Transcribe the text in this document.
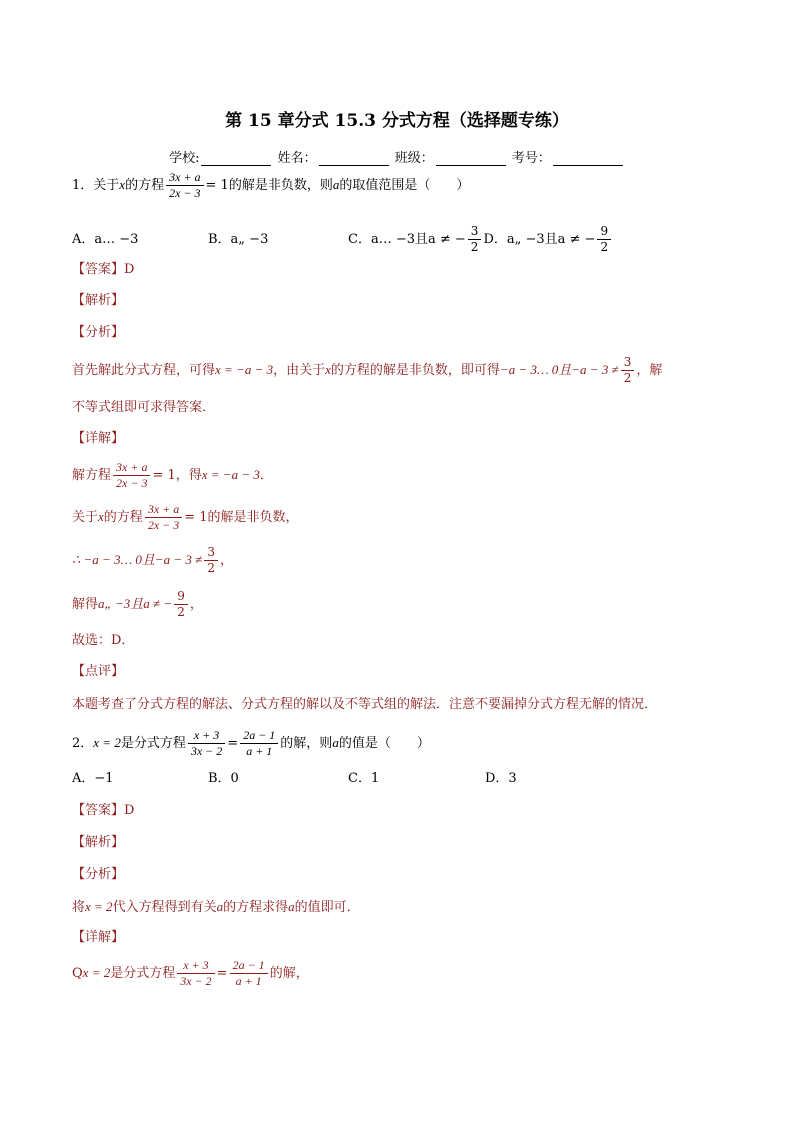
第 15 章分式 15.3 分式方程（选择题专练）
学校:	姓名：	班级：	考号：
1．关于x的方程 $\frac{3x + a}{2x - 3} = 1$的解是非负数，则a的取值范围是（　　）
A．a… −3	B．a„ −3	C．a… −3且a ≠ − $\frac{3}{2}$ D．a„ −3且a ≠ − $\frac{9}{2}$
【答案】D
【解析】
【分析】
首先解此分式方程，可得x = −a − 3，由关于x的方程的解是非负数，即可得−a − 3… 0且$-a - 3 \ne \frac{3}{2}$ ，解
不等式组即可求得答案．
【详解】
解方程 $\frac{3x + a}{2x - 3} = 1$，得x = −a − 3．
关于x的方程 $\frac{3x + a}{2x - 3} = 1$的解是非负数，
∴ −a − 3… 0且$-a - 3 \ne \frac{3}{2}$ ，
解得a„ −3且a ≠ − $\frac{9}{2}$ ，
故选：D．
【点评】
本题考查了分式方程的解法、分式方程的解以及不等式组的解法．注意不要漏掉分式方程无解的情况．
2．x = 2是分式方程 $\frac{x + 3}{3x - 2} = \frac{2a - 1}{a + 1}$ 的解，则a的值是（　　）
A．−1	B．0	C．1	D．3
【答案】D
【解析】
【分析】
将x = 2代入方程得到有关a的方程求得a的值即可．
【详解】
Qx = 2是分式方程 $\frac{x + 3}{3x - 2} = \frac{2a - 1}{a + 1}$ 的解，
